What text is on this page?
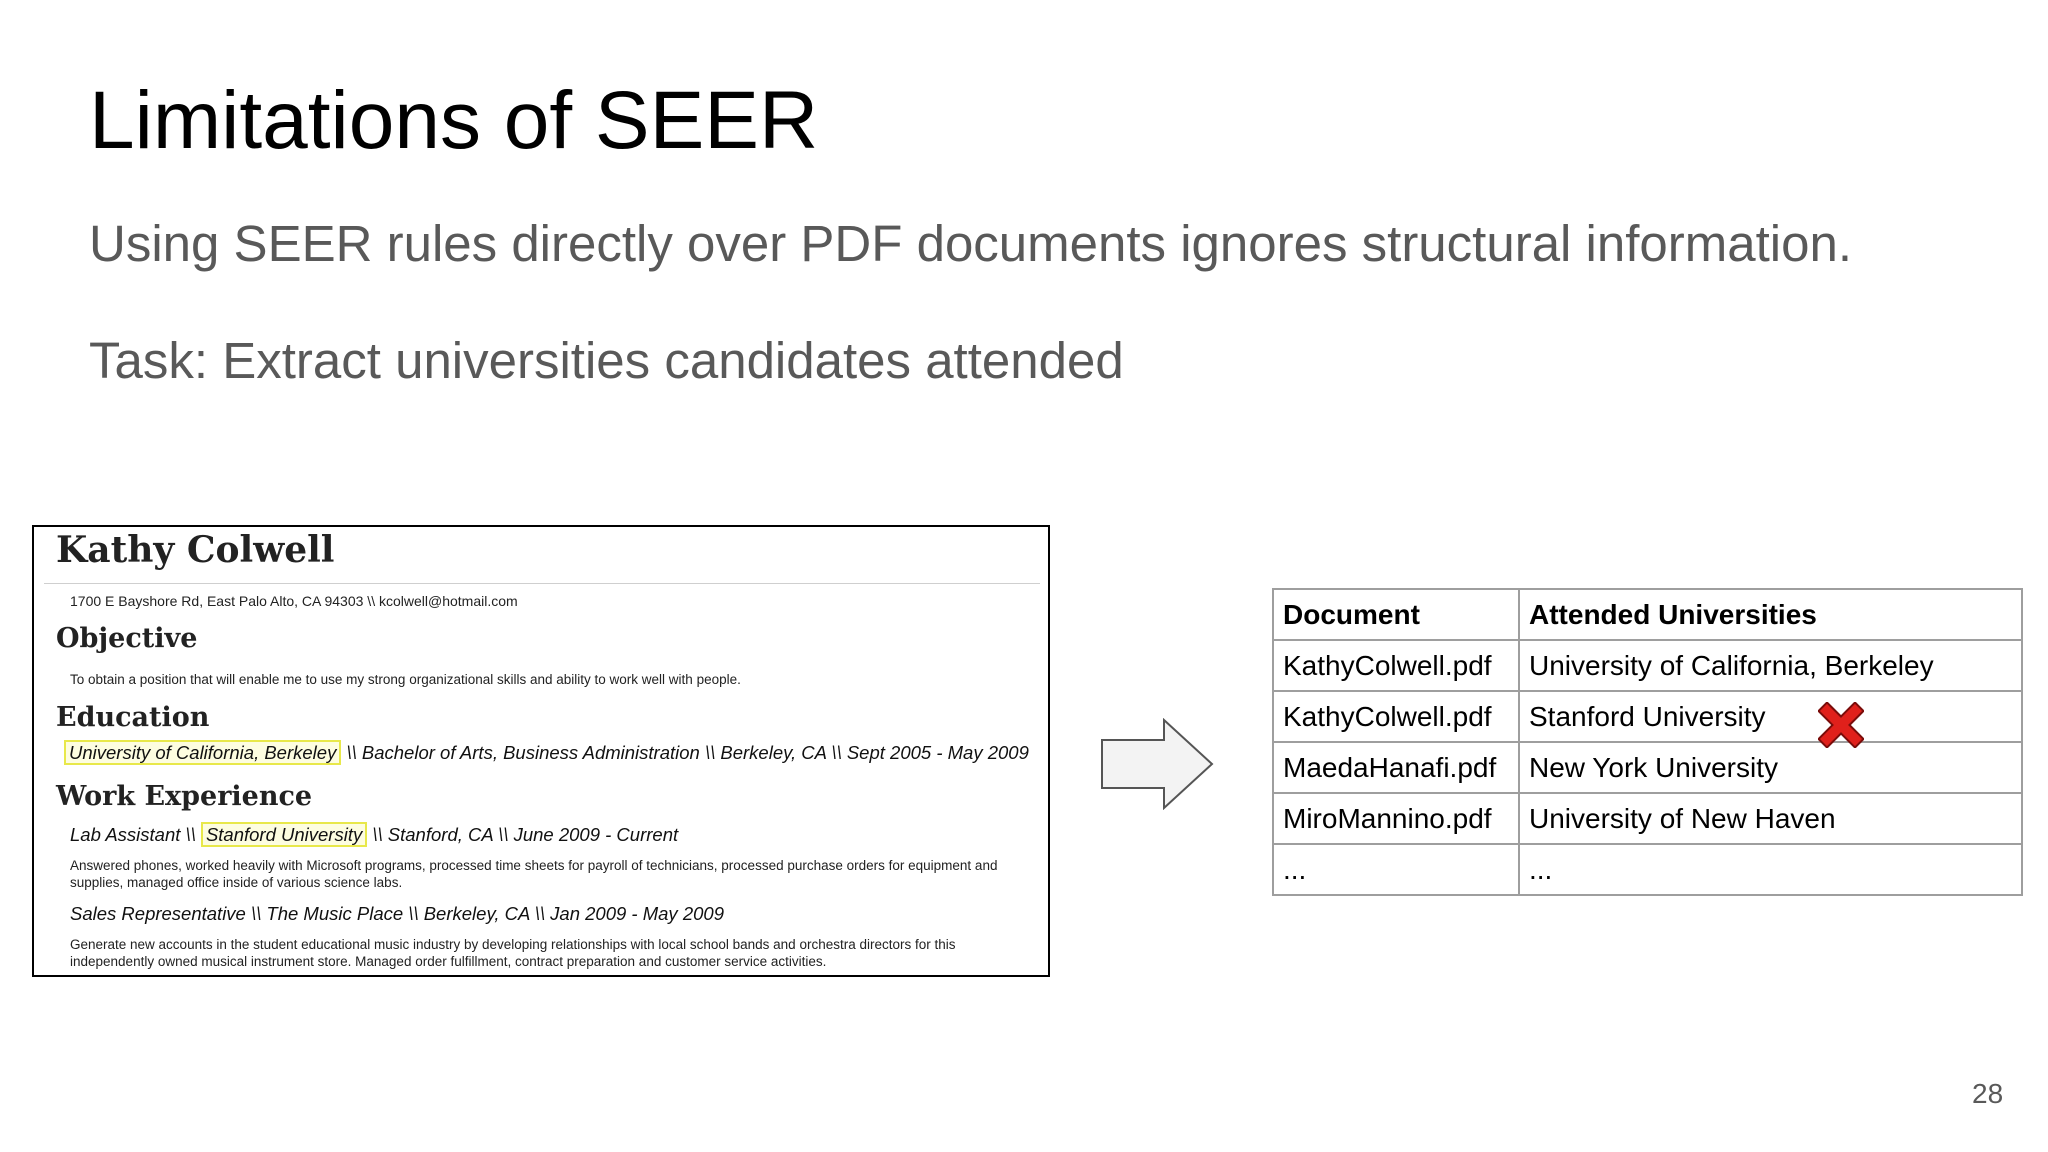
Limitations of SEER
Using SEER rules directly over PDF documents ignores structural information.
Task: Extract universities candidates attended
Kathy Colwell
1700 E Bayshore Rd, East Palo Alto, CA 94303 \\ kcolwell@hotmail.com
Objective
To obtain a position that will enable me to use my strong organizational skills and ability to work well with people.
Education
University of California, Berkeley \\ Bachelor of Arts, Business Administration \\ Berkeley, CA \\ Sept 2005 - May 2009
Work Experience
Lab Assistant \\ Stanford University \\ Stanford, CA \\ June 2009 - Current
Answered phones, worked heavily with Microsoft programs, processed time sheets for payroll of technicians, processed purchase orders for equipment and supplies, managed office inside of various science labs.
Sales Representative \\ The Music Place \\ Berkeley, CA \\ Jan 2009 - May 2009
Generate new accounts in the student educational music industry by developing relationships with local school bands and orchestra directors for this independently owned musical instrument store. Managed order fulfillment, contract preparation and customer service activities.
Document	Attended Universities
KathyColwell.pdf	University of California, Berkeley
KathyColwell.pdf	Stanford University
MaedaHanafi.pdf	New York University
MiroMannino.pdf	University of New Haven
...	...
28
